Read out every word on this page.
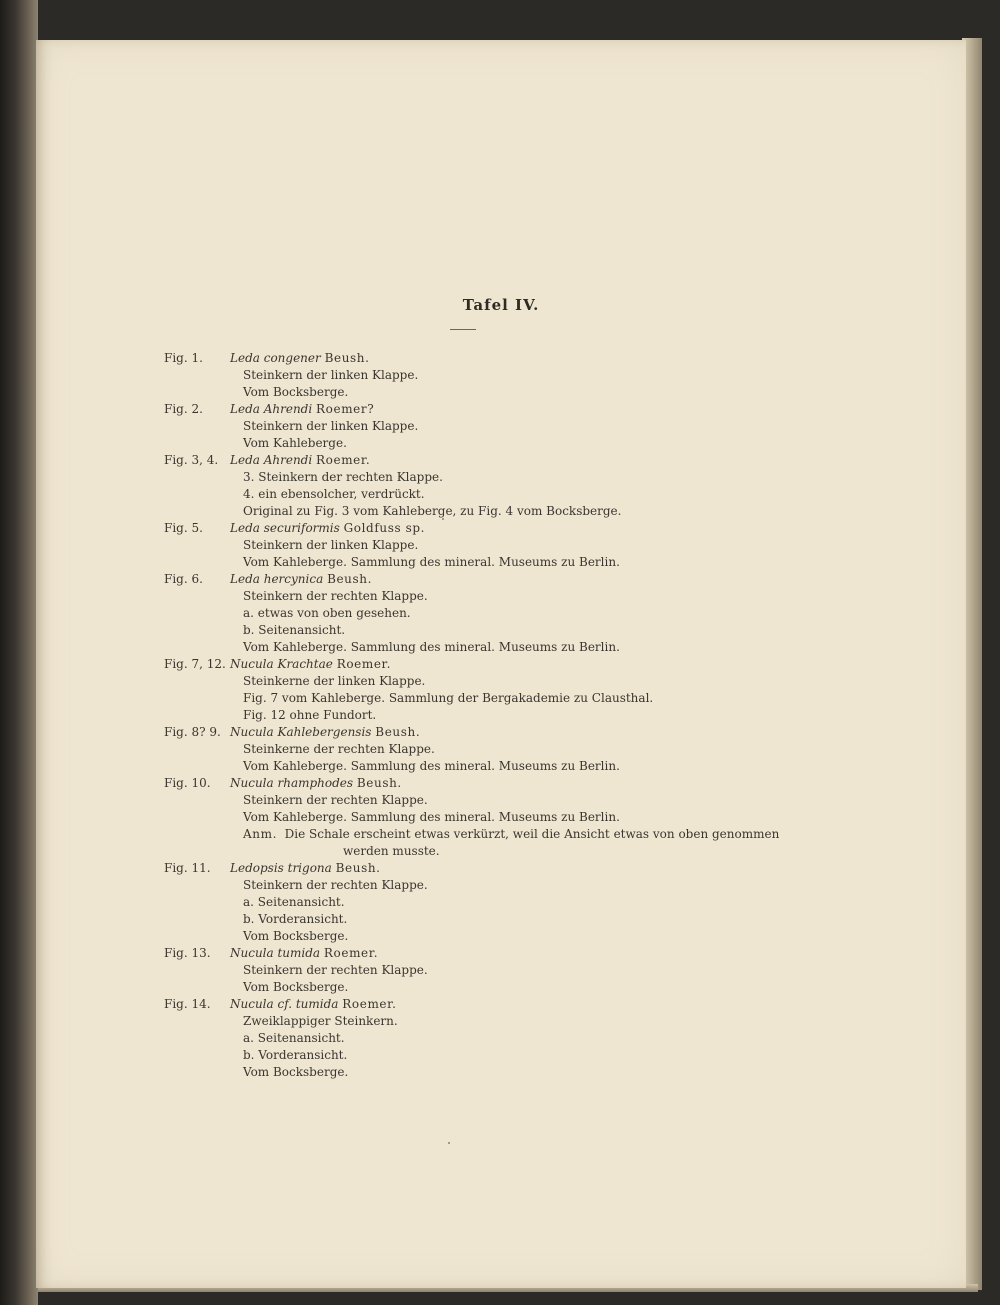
Tafel IV.
Fig. 1. Leda congener Beush.
Steinkern der linken Klappe.
Vom Bocksberge.
Fig. 2. Leda Ahrendi Roemer?
Steinkern der linken Klappe.
Vom Kahleberge.
Fig. 3, 4. Leda Ahrendi Roemer.
3. Steinkern der rechten Klappe.
4. ein ebensolcher, verdrückt.
Original zu Fig. 3 vom Kahleberge, zu Fig. 4 vom Bocksberge.
Fig. 5. Leda securiformis Goldfuss sp.
Steinkern der linken Klappe.
Vom Kahleberge. Sammlung des mineral. Museums zu Berlin.
Fig. 6. Leda hercynica Beush.
Steinkern der rechten Klappe.
a. etwas von oben gesehen.
b. Seitenansicht.
Vom Kahleberge. Sammlung des mineral. Museums zu Berlin.
Fig. 7, 12. Nucula Krachtae Roemer.
Steinkerne der linken Klappe.
Fig. 7 vom Kahleberge. Sammlung der Bergakademie zu Clausthal.
Fig. 12 ohne Fundort.
Fig. 8? 9. Nucula Kahlebergensis Beush.
Steinkerne der rechten Klappe.
Vom Kahleberge. Sammlung des mineral. Museums zu Berlin.
Fig. 10. Nucula rhamphodes Beush.
Steinkern der rechten Klappe.
Vom Kahleberge. Sammlung des mineral. Museums zu Berlin.
Anm. Die Schale erscheint etwas verkürzt, weil die Ansicht etwas von oben genommen
werden musste.
Fig. 11. Ledopsis trigona Beush.
Steinkern der rechten Klappe.
a. Seitenansicht.
b. Vorderansicht.
Vom Bocksberge.
Fig. 13. Nucula tumida Roemer.
Steinkern der rechten Klappe.
Vom Bocksberge.
Fig. 14. Nucula cf. tumida Roemer.
Zweiklappiger Steinkern.
a. Seitenansicht.
b. Vorderansicht.
Vom Bocksberge.
